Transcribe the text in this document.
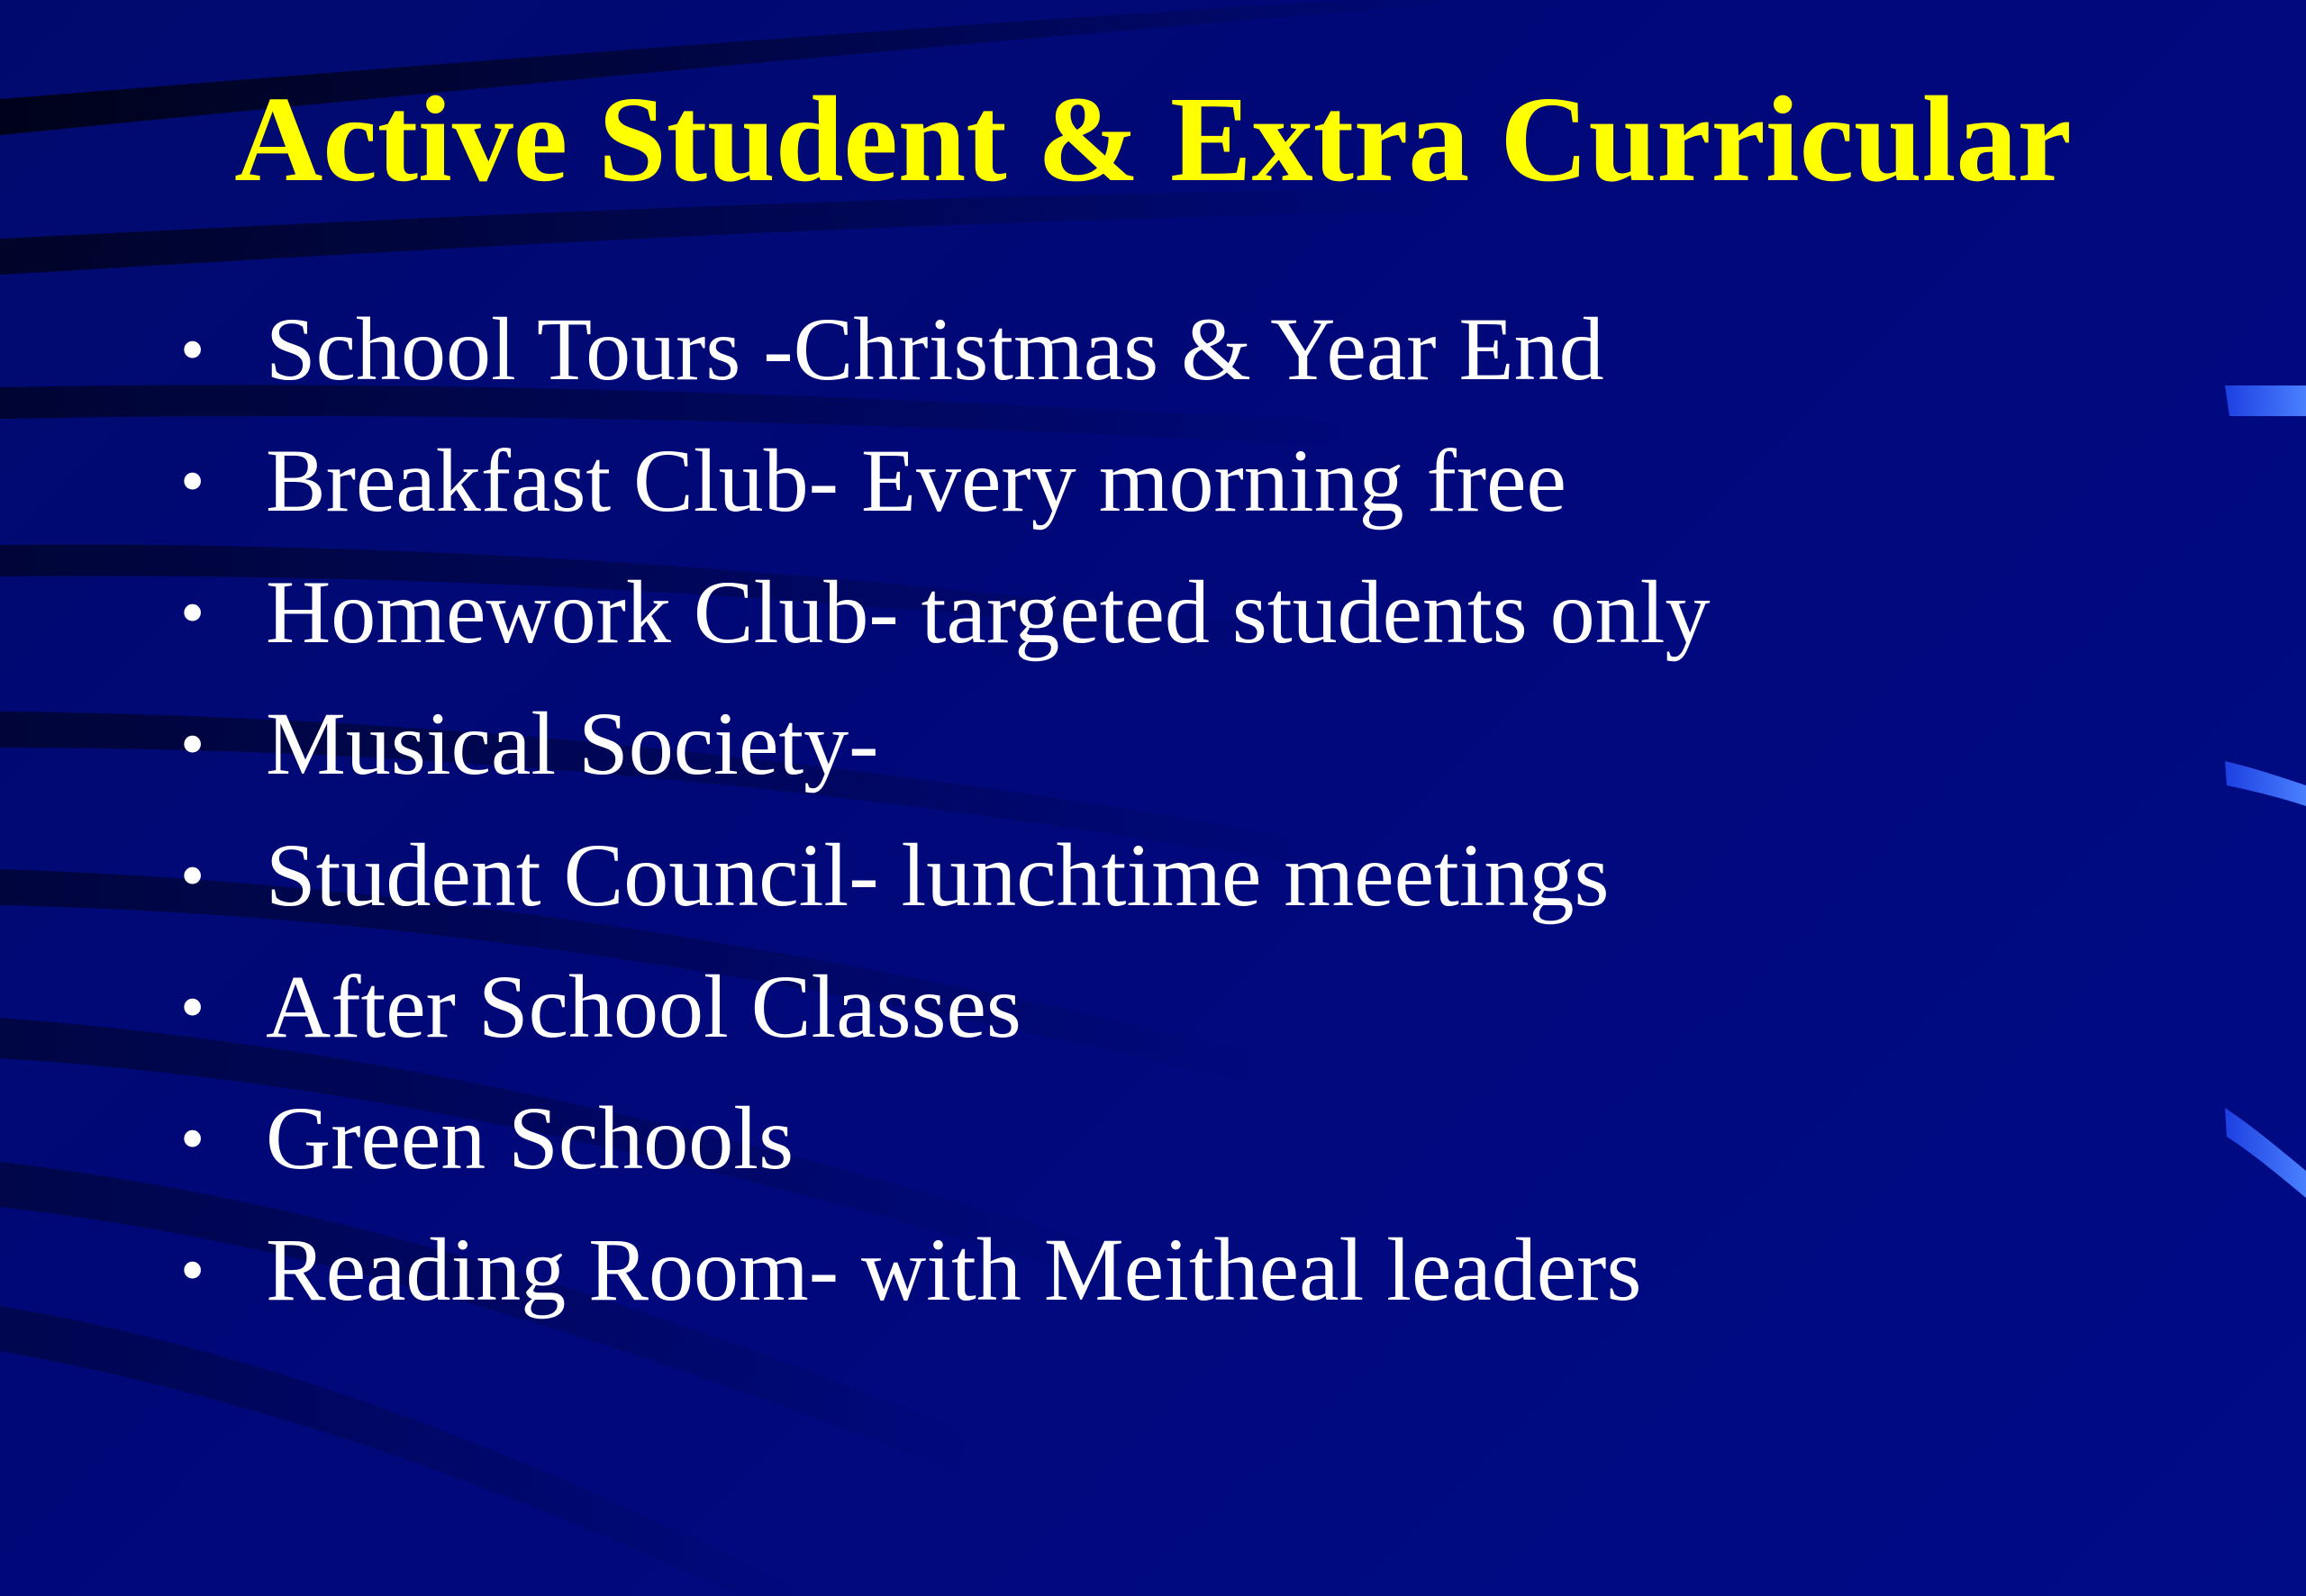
Active Student & Extra Curricular
• School Tours -Christmas & Year End
• Breakfast Club- Every morning free
• Homework Club- targeted students only
• Musical Society-
• Student Council- lunchtime meetings
• After School Classes
• Green Schools
• Reading Room- with Meitheal leaders
